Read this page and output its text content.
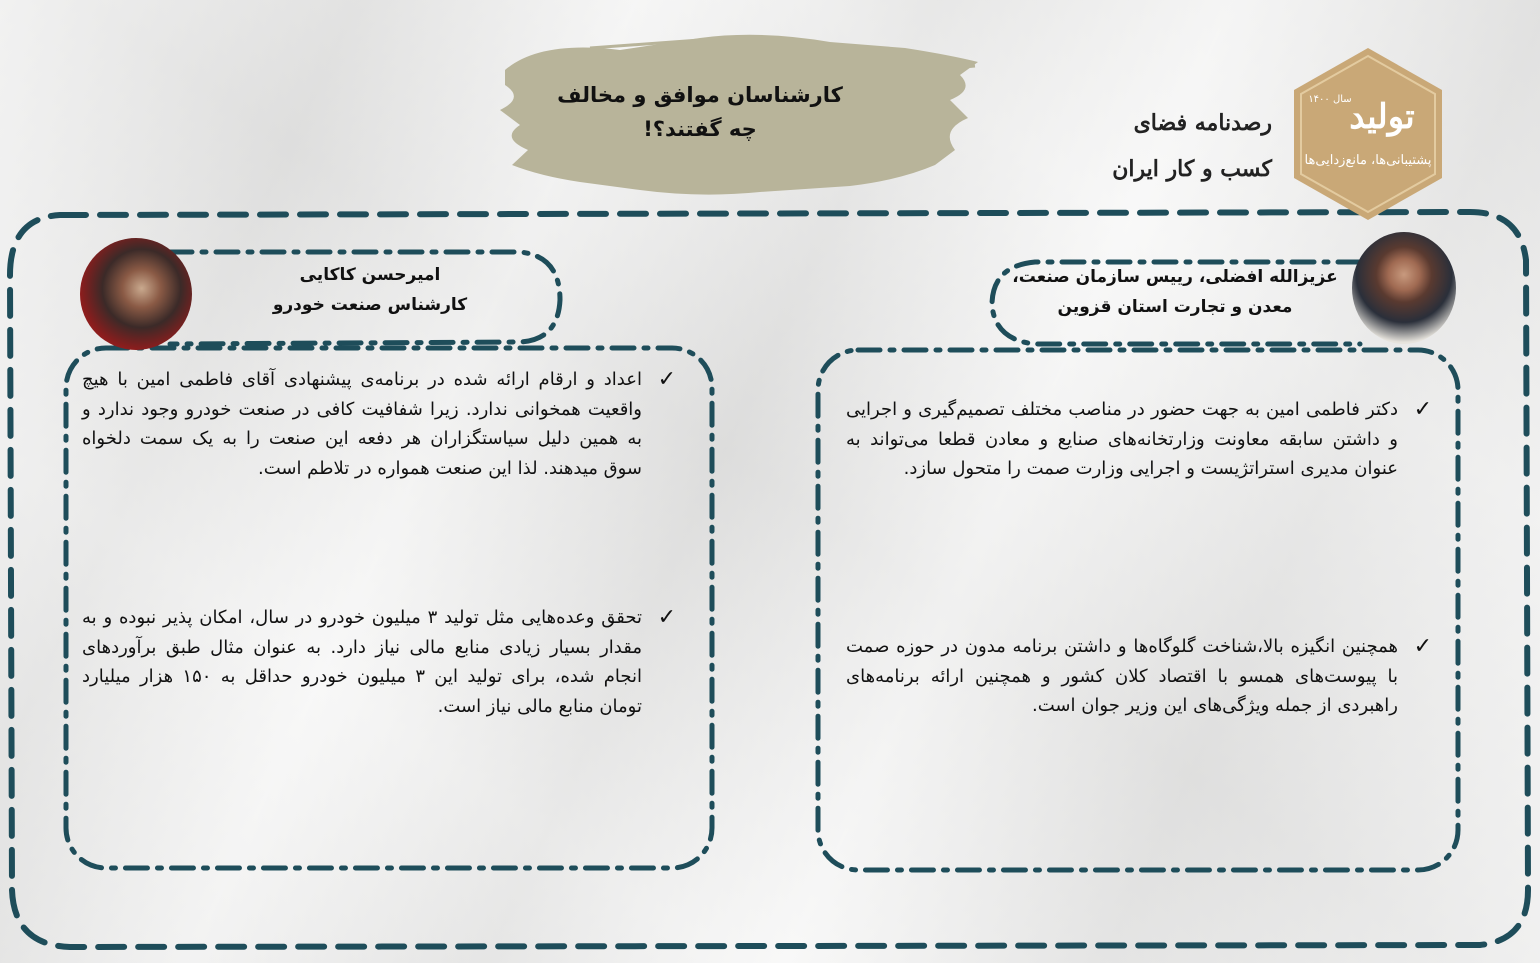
کارشناسان موافق و مخالف
چه گفتند؟!	رصدنامه فضای
کسب و کار ایران
تولید
پشتیبانی‌ها، مانع‌زدایی‌ها
سال ۱۴۰۰
امیرحسن کاکایی
کارشناس صنعت خودرو
عزیزالله افضلی، رییس سازمان صنعت،
معدن و تجارت استان قزوین
✓
اعداد و ارقام ارائه شده در برنامه‌ی پیشنهادی آقای فاطمی امین با هیچ واقعیت همخوانی ندارد. زیرا شفافیت کافی در صنعت خودرو وجود ندارد و به همین دلیل سیاستگزاران هر دفعه این صنعت را به یک سمت دلخواه سوق میدهند. لذا این صنعت همواره در تلاطم است.
✓
تحقق وعده‌هایی مثل تولید ۳ میلیون خودرو در سال، امکان پذیر نبوده و به مقدار بسیار زیادی منابع مالی نیاز دارد. به عنوان مثال طبق برآوردهای انجام شده، برای تولید این ۳ میلیون خودرو حداقل به ۱۵۰ هزار میلیارد تومان منابع مالی نیاز است.
✓
دکتر فاطمی امین به جهت حضور در مناصب مختلف تصمیم‌گیری و اجرایی و داشتن سابقه معاونت وزارتخانه‌های صنایع و معادن قطعا می‌تواند به عنوان مدیری استراتژیست و اجرایی وزارت صمت را متحول سازد.
✓
همچنین انگیزه بالا،شناخت گلوگاه‌ها و داشتن برنامه مدون در حوزه صمت با پیوست‌های همسو با اقتصاد کلان کشور و همچنین ارائه برنامه‌های راهبردی از جمله ویژگی‌های این وزیر جوان است.
